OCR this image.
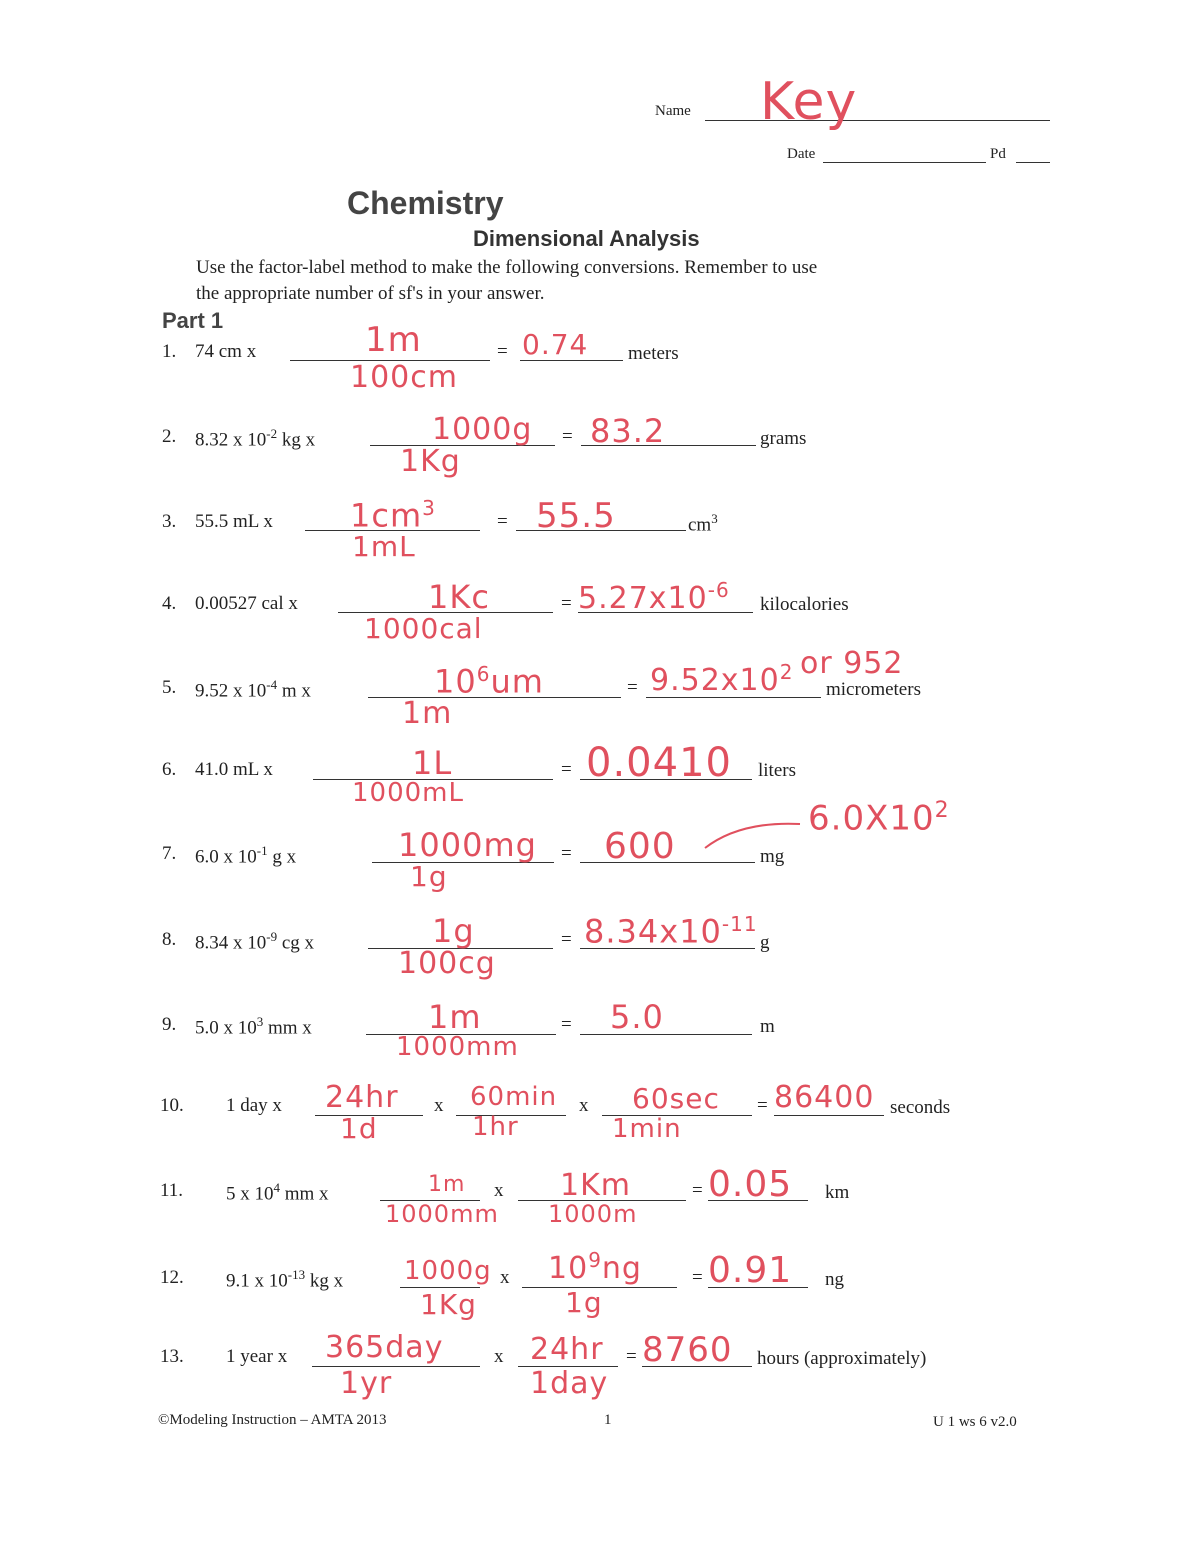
Name Key
Date	Pd
Chemistry
Dimensional Analysis
Use the factor-label method to make the following conversions. Remember to use
the appropriate number of sf's in your answer.
Part 1
1. 74 cm x	1m
100cm
= 0.74 meters
2. 8.32 x $10^{-2}$ kg x	1000g
1Kg
= 83.2	grams
3. 55.5 mL x $1cm^3$
1mL
= 55.5	$cm^3$
4. 0.00527 cal x	1Kc
1000cal
= $5.27x10^{-6}$
kilocalories
5. 9.52 x $10^{-4}$ m x	$10^6um$
1m
= $9.52x10^2$ or 952
micrometers
6. 41.0 mL x	1L
1000mL
= 0.0410 liters
7. 6.0 x $10^{-1}$ g x	1000mg
1g
= 600
$6.0X10^2$
mg
8. 8.34 x $10^{-9}$ cg x	1g
100cg
= $8.34x10^{-11}$
g
9. 5.0 x $10^3$ mm x	1m
1000mm
= 5.0	m
10. 1 day x 24hr
1d
x 60min
1hr
x 60sec
1min
= 86400 seconds
11. 5 x $10^4$ mm x	1m
1000mm
x 1Km
1000m
= 0.05 km
12. 9.1 x $10^{-13}$ kg x 1000g
1Kg
x $10^9ng$
1g
= 0.91 ng
13. 1 year x 365day
1yr
x 24hr
1day
= 8760 hours (approximately)
©Modeling Instruction – AMTA 2013	1	U 1 ws 6 v2.0
